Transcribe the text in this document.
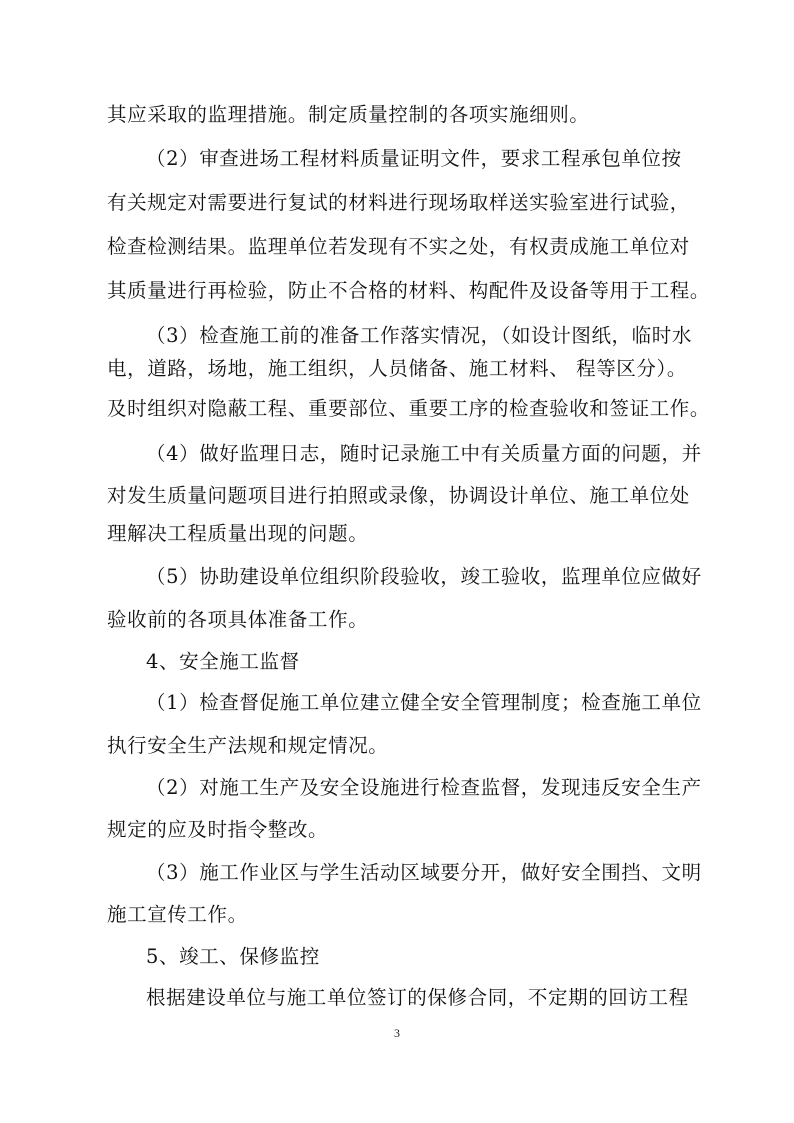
其应采取的监理措施。制定质量控制的各项实施细则。
（2）审查进场工程材料质量证明文件，要求工程承包单位按
有关规定对需要进行复试的材料进行现场取样送实验室进行试验，
检查检测结果。监理单位若发现有不实之处，有权责成施工单位对
其质量进行再检验，防止不合格的材料、构配件及设备等用于工程。
（3）检查施工前的准备工作落实情况，（如设计图纸，临时水
电，道路，场地，施工组织，人员储备、施工材料、 程等区分）。
及时组织对隐蔽工程、重要部位、重要工序的检查验收和签证工作。
（4）做好监理日志，随时记录施工中有关质量方面的问题，并
对发生质量问题项目进行拍照或录像，协调设计单位、施工单位处
理解决工程质量出现的问题。
（5）协助建设单位组织阶段验收，竣工验收，监理单位应做好
验收前的各项具体准备工作。
4、安全施工监督
（1）检查督促施工单位建立健全安全管理制度；检查施工单位
执行安全生产法规和规定情况。
（2）对施工生产及安全设施进行检查监督，发现违反安全生产
规定的应及时指令整改。
（3）施工作业区与学生活动区域要分开，做好安全围挡、文明
施工宣传工作。
5、竣工、保修监控
根据建设单位与施工单位签订的保修合同，不定期的回访工程
3
